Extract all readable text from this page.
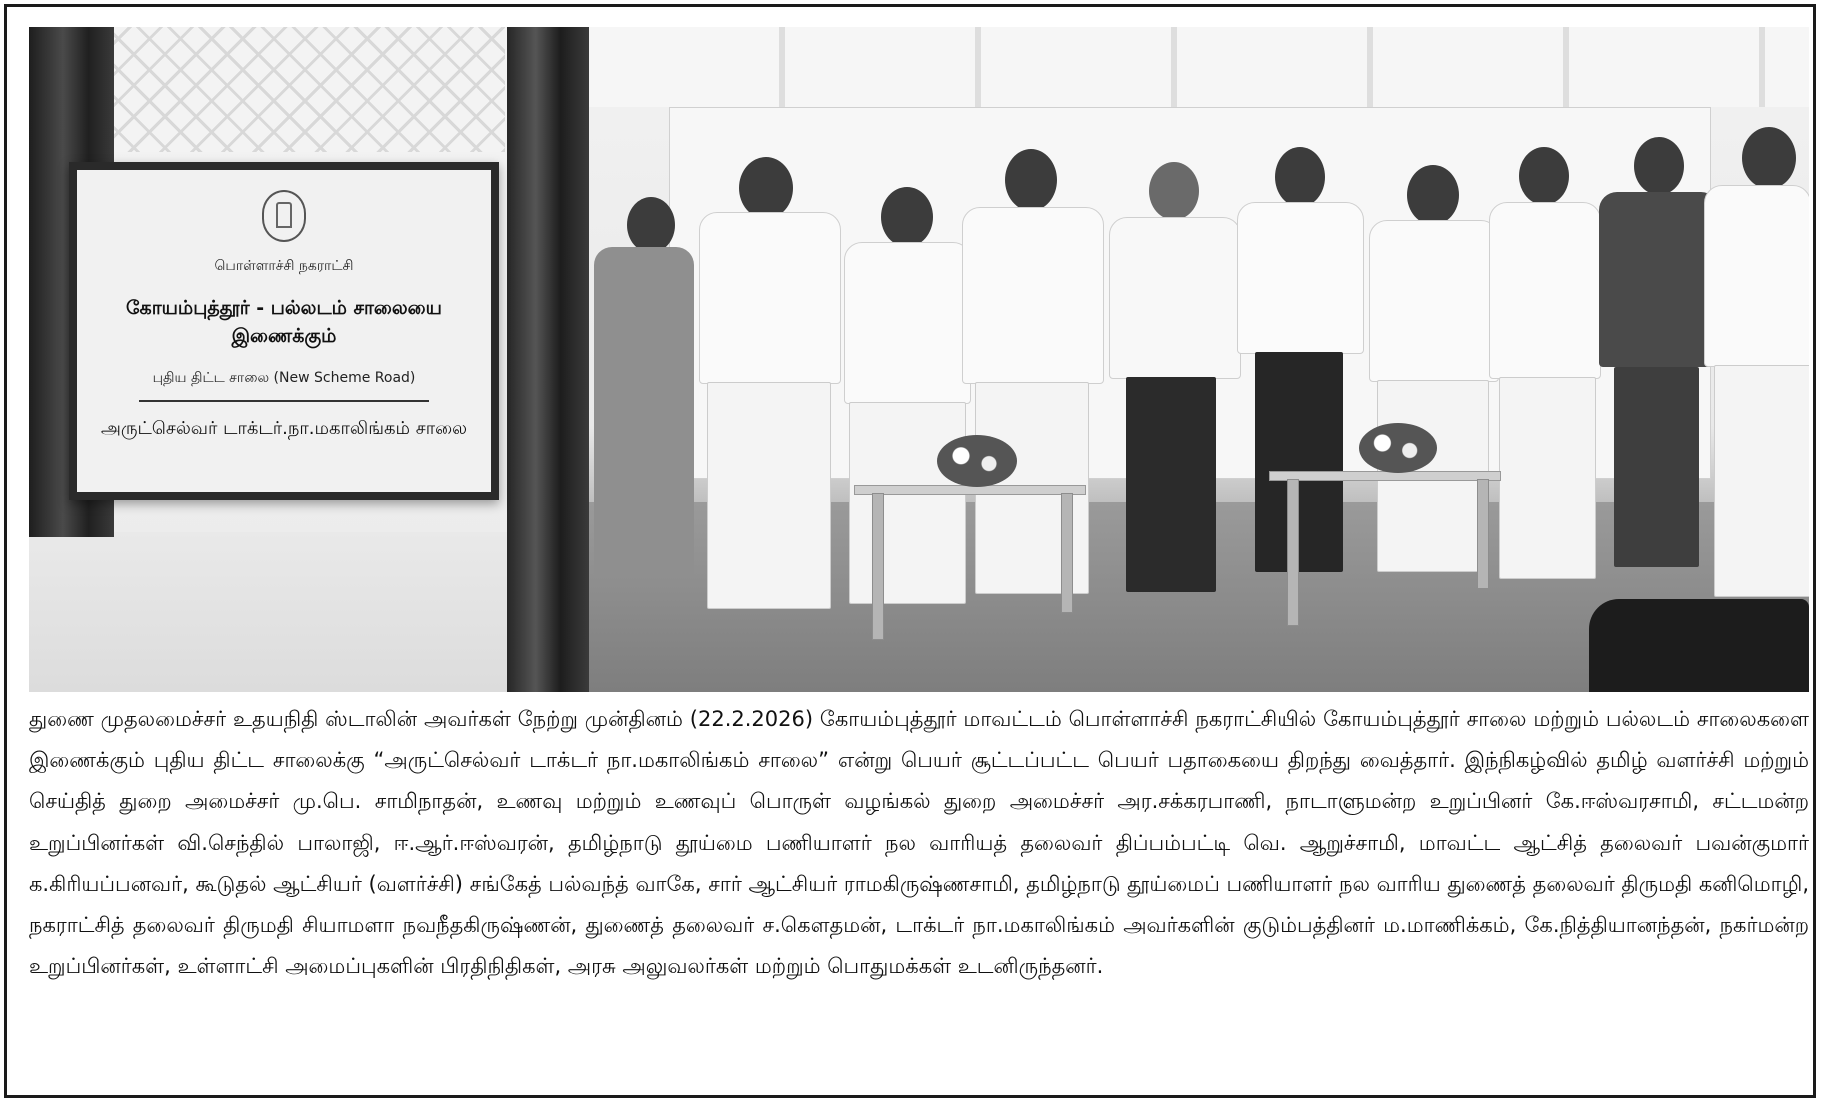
பொள்ளாச்சி நகராட்சி
கோயம்புத்தூர் - பல்லடம் சாலையை இணைக்கும்
புதிய திட்ட சாலை (New Scheme Road)
அருட்செல்வர் டாக்டர்.நா.மகாலிங்கம் சாலை

துணை முதலமைச்சர் உதயநிதி ஸ்டாலின் அவர்கள் நேற்று முன்தினம் (22.2.2026) கோயம்புத்தூர் மாவட்டம் பொள்ளாச்சி நகராட்சியில் கோயம்புத்தூர் சாலை மற்றும் பல்லடம் சாலைகளை இணைக்கும் புதிய திட்ட சாலைக்கு “அருட்செல்வர் டாக்டர் நா.மகாலிங்கம் சாலை” என்று பெயர் சூட்டப்பட்ட பெயர் பதாகையை திறந்து வைத்தார். இந்நிகழ்வில் தமிழ் வளர்ச்சி மற்றும் செய்தித் துறை அமைச்சர் மு.பெ. சாமிநாதன், உணவு மற்றும் உணவுப் பொருள் வழங்கல் துறை அமைச்சர் அர.சக்கரபாணி, நாடாளுமன்ற உறுப்பினர் கே.ஈஸ்வரசாமி, சட்டமன்ற உறுப்பினர்கள் வி.செந்தில் பாலாஜி, ஈ.ஆர்.ஈஸ்வரன், தமிழ்நாடு தூய்மை பணியாளர் நல வாரியத் தலைவர் திப்பம்பட்டி வெ. ஆறுச்சாமி, மாவட்ட ஆட்சித் தலைவர் பவன்குமார் க.கிரியப்பனவர், கூடுதல் ஆட்சியர் (வளர்ச்சி) சங்கேத் பல்வந்த் வாகே, சார் ஆட்சியர் ராமகிருஷ்ணசாமி, தமிழ்நாடு தூய்மைப் பணியாளர் நல வாரிய துணைத் தலைவர் திருமதி கனிமொழி, நகராட்சித் தலைவர் திருமதி சியாமளா நவநீதகிருஷ்ணன், துணைத் தலைவர் ச.கௌதமன், டாக்டர் நா.மகாலிங்கம் அவர்களின் குடும்பத்தினர் ம.மாணிக்கம், கே.நித்தியானந்தன், நகர்மன்ற உறுப்பினர்கள், உள்ளாட்சி அமைப்புகளின் பிரதிநிதிகள், அரசு அலுவலர்கள் மற்றும் பொதுமக்கள் உடனிருந்தனர்.
